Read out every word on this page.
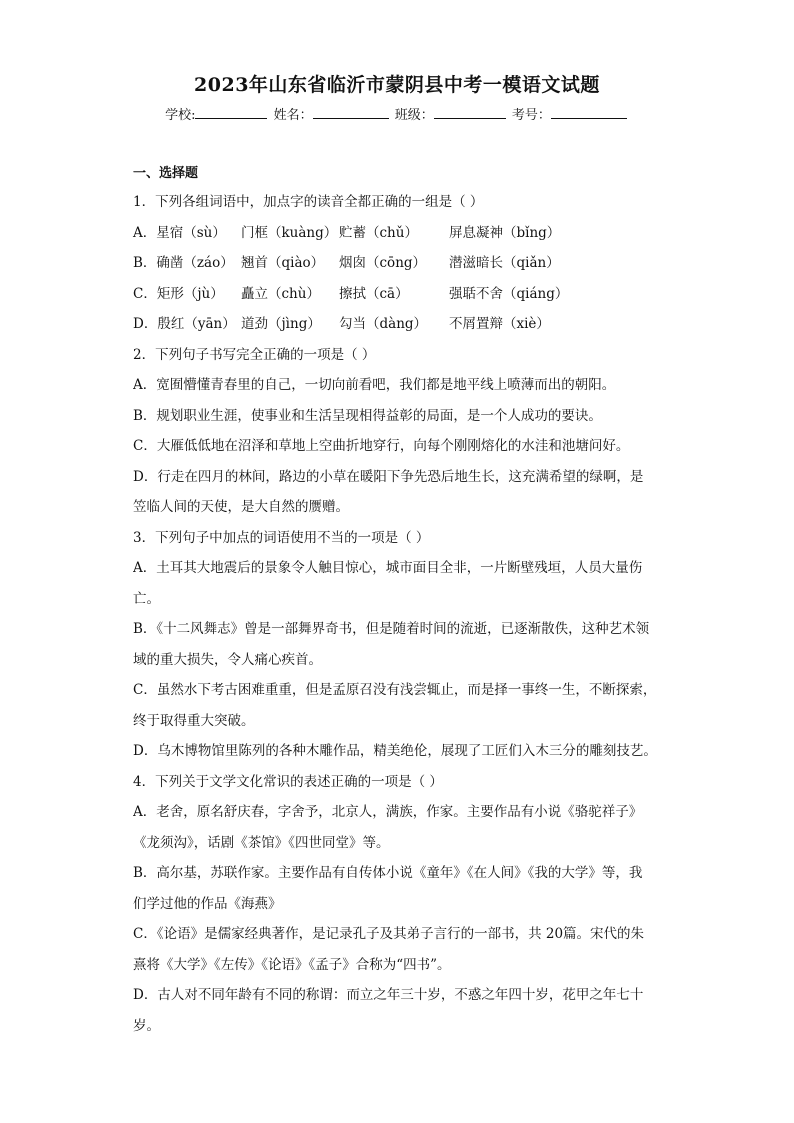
2023年山东省临沂市蒙阴县中考一模语文试题
学校:	姓名：	班级：	考号：
一、选择题
1．下列各组词语中，加点字的读音全都正确的一组是（ ）
A．星宿（sù）	门框（kuàng） 贮蓄（chǔ）	屏息凝神（bǐng）
B．确凿（záo） 翘首（qiào）	烟囱（cōng）	潜滋暗长（qiǎn）
C．矩形（jù）	矗立（chù）	擦拭（cā）	强聒不舍（qiáng）
D．殷红（yān） 道劲（jìng）	勾当（dàng）	不屑置辩（xiè）
2．下列句子书写完全正确的一项是（ ）
A．宽囿懵懂青春里的自己，一切向前看吧，我们都是地平线上喷薄而出的朝阳。
B．规划职业生涯，使事业和生活呈现相得益彰的局面，是一个人成功的要诀。
C．大雁低低地在沼泽和草地上空曲折地穿行，向每个刚刚熔化的水洼和池塘问好。
D．行走在四月的林间，路边的小草在暖阳下争先恐后地生长，这充满希望的绿啊，是
笠临人间的天使，是大自然的赝赠。
3．下列句子中加点的词语使用不当的一项是（ ）
A．土耳其大地震后的景象令人触目惊心，城市面目全非，一片断壁残垣，人员大量伤
亡。
B．《十二风舞志》曾是一部舞界奇书，但是随着时间的流逝，已逐渐散佚，这种艺术领
域的重大损失，令人痛心疾首。
C．虽然水下考古困难重重，但是孟原召没有浅尝辄止，而是择一事终一生，不断探索，
终于取得重大突破。
D．乌木博物馆里陈列的各种木雕作品，精美绝伦，展现了工匠们入木三分的雕刻技艺。
4．下列关于文学文化常识的表述正确的一项是（ ）
A．老舍，原名舒庆春，字舍予，北京人，满族，作家。主要作品有小说《骆驼祥子》
《龙须沟》，话剧《茶馆》《四世同堂》等。
B．高尔基，苏联作家。主要作品有自传体小说《童年》《在人间》《我的大学》等，我
们学过他的作品《海燕》
C．《论语》是儒家经典著作，是记录孔子及其弟子言行的一部书，共 20篇。宋代的朱
熹将《大学》《左传》《论语》《孟子》合称为“四书”。
D．古人对不同年龄有不同的称谓：而立之年三十岁，不惑之年四十岁，花甲之年七十
岁。
